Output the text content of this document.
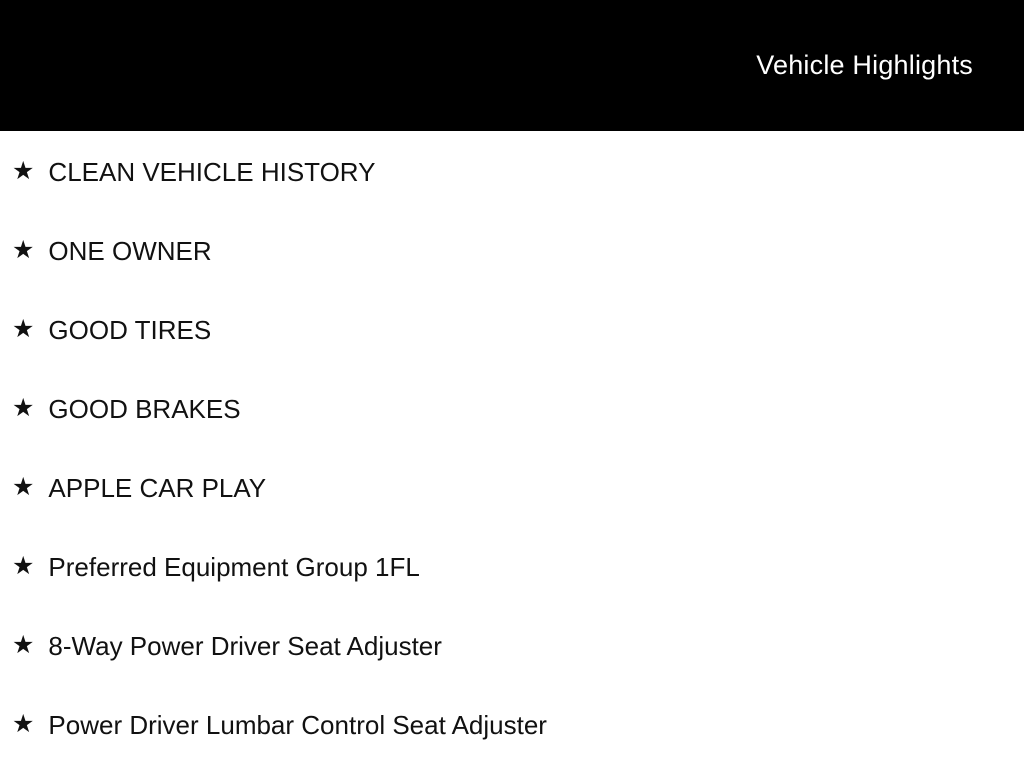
Vehicle Highlights
★ CLEAN VEHICLE HISTORY
★ ONE OWNER
★ GOOD TIRES
★ GOOD BRAKES
★ APPLE CAR PLAY
★ Preferred Equipment Group 1FL
★ 8-Way Power Driver Seat Adjuster
★ Power Driver Lumbar Control Seat Adjuster
